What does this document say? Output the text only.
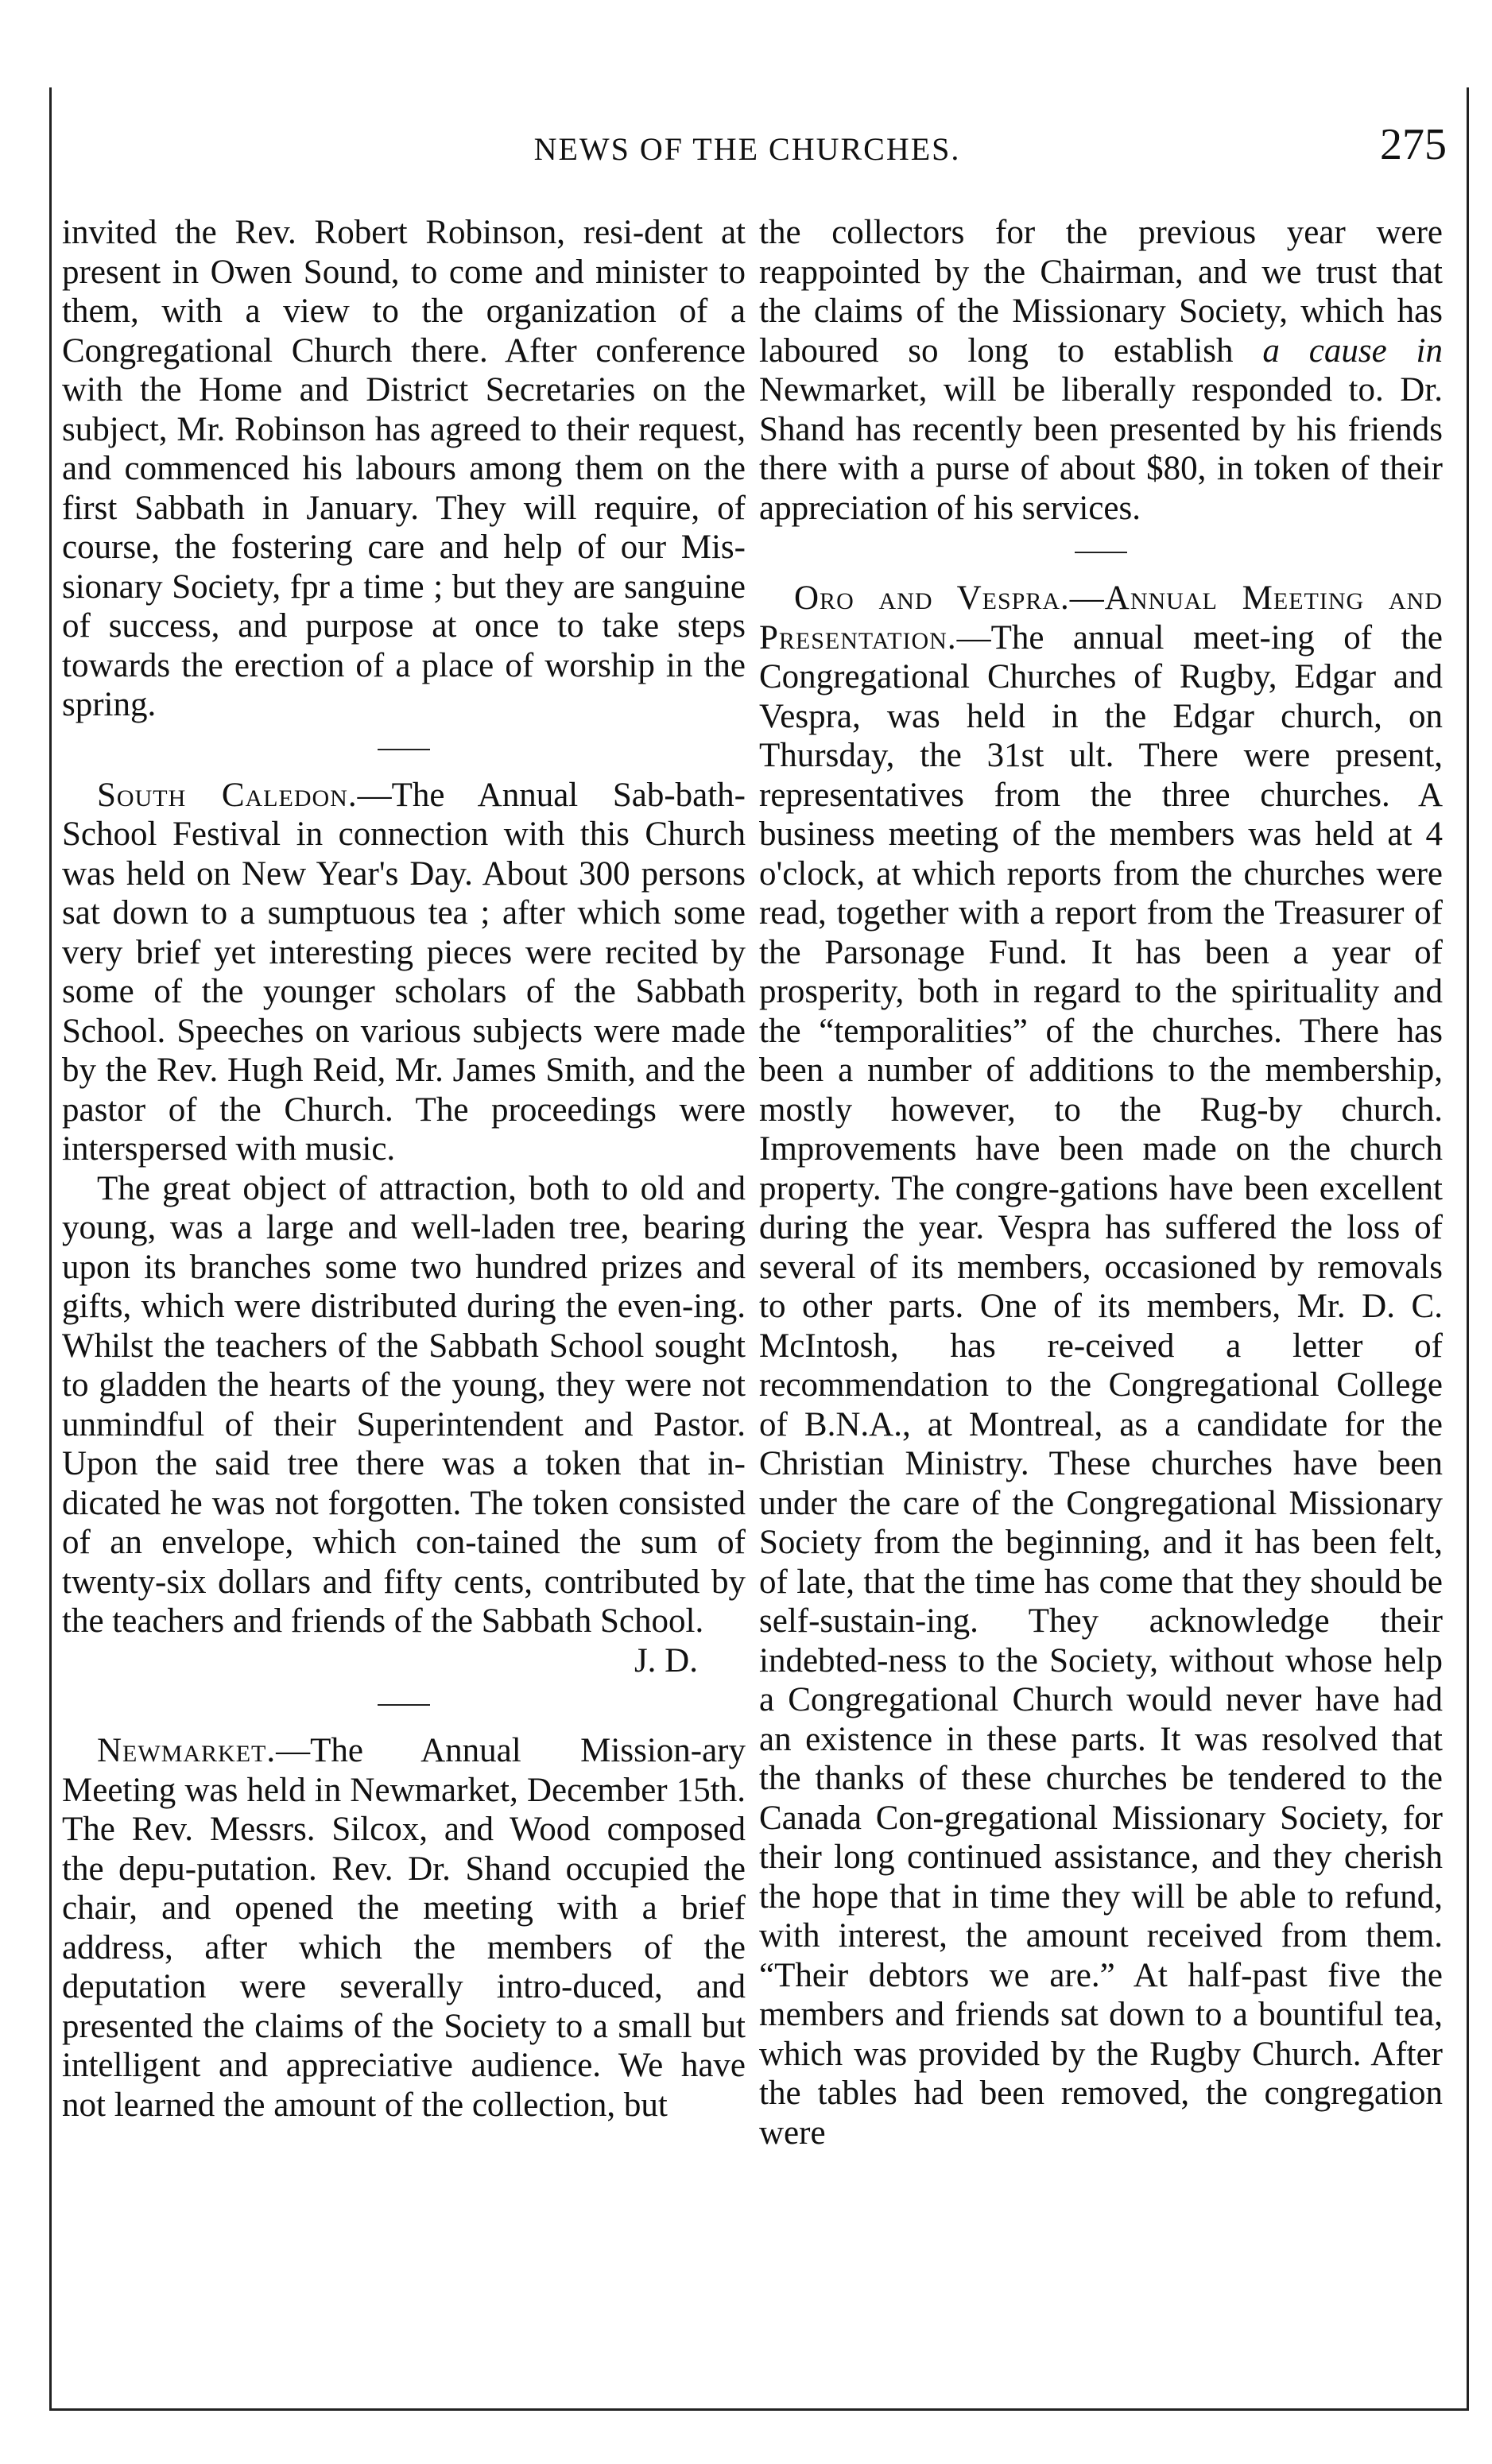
NEWS OF THE CHURCHES.	275

invited the Rev. Robert Robinson, resi-dent at present in Owen Sound, to come and minister to them, with a view to the organization of a Congregational Church there. After conference with the Home and District Secretaries on the subject, Mr. Robinson has agreed to their request, and commenced his labours among them on the first Sabbath in January. They will require, of course, the fostering care and help of our Mis-sionary Society, fpr a time ; but they are sanguine of success, and purpose at once to take steps towards the erection of a place of worship in the spring.

South Caledon.—The Annual Sab-bath-School Festival in connection with this Church was held on New Year's Day. About 300 persons sat down to a sumptuous tea ; after which some very brief yet interesting pieces were recited by some of the younger scholars of the Sabbath School. Speeches on various subjects were made by the Rev. Hugh Reid, Mr. James Smith, and the pastor of the Church. The proceedings were interspersed with music.

The great object of attraction, both to old and young, was a large and well-laden tree, bearing upon its branches some two hundred prizes and gifts, which were distributed during the even-ing. Whilst the teachers of the Sabbath School sought to gladden the hearts of the young, they were not unmindful of their Superintendent and Pastor. Upon the said tree there was a token that in-dicated he was not forgotten. The token consisted of an envelope, which con-tained the sum of twenty-six dollars and fifty cents, contributed by the teachers and friends of the Sabbath School.

J. D.

Newmarket.—The Annual Mission-ary Meeting was held in Newmarket, December 15th. The Rev. Messrs. Silcox, and Wood composed the depu-putation. Rev. Dr. Shand occupied the chair, and opened the meeting with a brief address, after which the members of the deputation were severally intro-duced, and presented the claims of the Society to a small but intelligent and appreciative audience. We have not learned the amount of the collection, but

the collectors for the previous year were reappointed by the Chairman, and we trust that the claims of the Missionary Society, which has laboured so long to establish a cause in Newmarket, will be liberally responded to. Dr. Shand has recently been presented by his friends there with a purse of about $80, in token of their appreciation of his services.

Oro and Vespra.—Annual Meeting and Presentation.—The annual meet-ing of the Congregational Churches of Rugby, Edgar and Vespra, was held in the Edgar church, on Thursday, the 31st ult. There were present, representatives from the three churches. A business meeting of the members was held at 4 o'clock, at which reports from the churches were read, together with a report from the Treasurer of the Parsonage Fund. It has been a year of prosperity, both in regard to the spirituality and the “temporalities” of the churches. There has been a number of additions to the membership, mostly however, to the Rug-by church. Improvements have been made on the church property. The congre-gations have been excellent during the year. Vespra has suffered the loss of several of its members, occasioned by removals to other parts. One of its members, Mr. D. C. McIntosh, has re-ceived a letter of recommendation to the Congregational College of B.N.A., at Montreal, as a candidate for the Christian Ministry. These churches have been under the care of the Congregational Missionary Society from the beginning, and it has been felt, of late, that the time has come that they should be self-sustain-ing. They acknowledge their indebted-ness to the Society, without whose help a Congregational Church would never have had an existence in these parts. It was resolved that the thanks of these churches be tendered to the Canada Con-gregational Missionary Society, for their long continued assistance, and they cherish the hope that in time they will be able to refund, with interest, the amount received from them. “Their debtors we are.” At half-past five the members and friends sat down to a bountiful tea, which was provided by the Rugby Church. After the tables had been removed, the congregation were
